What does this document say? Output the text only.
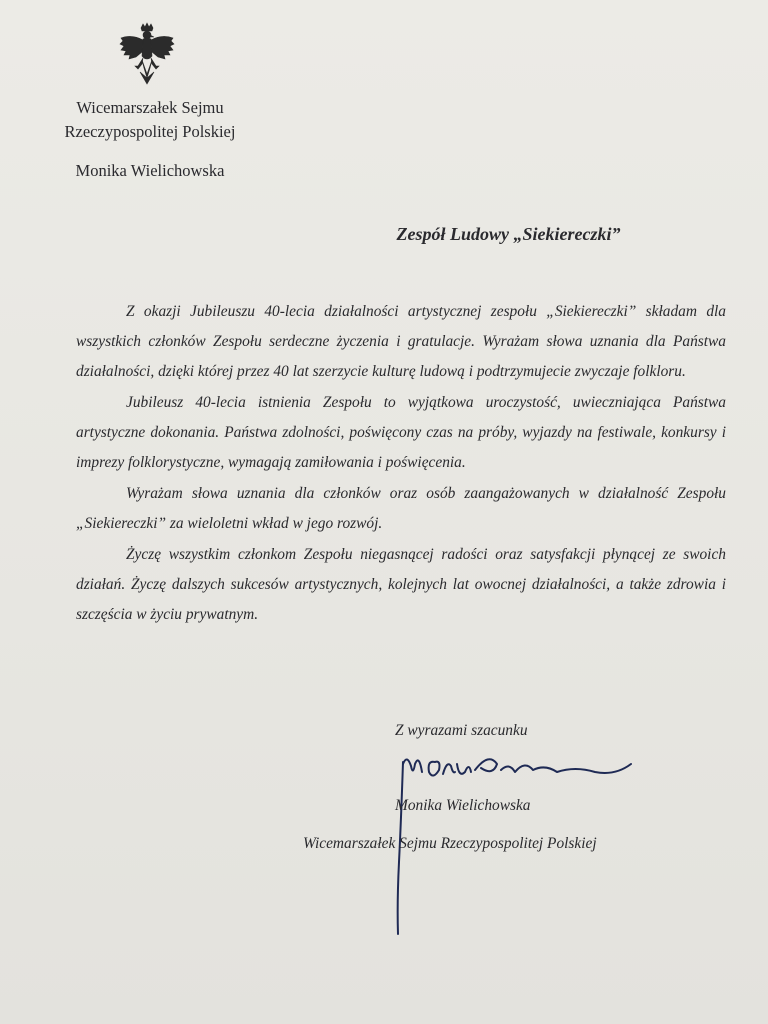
Wicemarszałek Sejmu
Rzeczypospolitej Polskiej
Monika Wielichowska
Zespół Ludowy „Siekiereczki”

Z okazji Jubileuszu 40-lecia działalności artystycznej zespołu „Siekiereczki” składam dla wszystkich członków Zespołu serdeczne życzenia i gratulacje. Wyrażam słowa uznania dla Państwa działalności, dzięki której przez 40 lat szerzycie kulturę ludową i podtrzymujecie zwyczaje folkloru.

Jubileusz 40-lecia istnienia Zespołu to wyjątkowa uroczystość, uwieczniająca Państwa artystyczne dokonania. Państwa zdolności, poświęcony czas na próby, wyjazdy na festiwale, konkursy i imprezy folklorystyczne, wymagają zamiłowania i poświęcenia.

Wyrażam słowa uznania dla członków oraz osób zaangażowanych w działalność Zespołu „Siekiereczki” za wieloletni wkład w jego rozwój.

Życzę wszystkim członkom Zespołu niegasnącej radości oraz satysfakcji płynącej ze swoich działań. Życzę dalszych sukcesów artystycznych, kolejnych lat owocnej działalności, a także zdrowia i szczęścia w życiu prywatnym.

Z wyrazami szacunku
Monika Wielichowska
Wicemarszałek Sejmu Rzeczypospolitej Polskiej
